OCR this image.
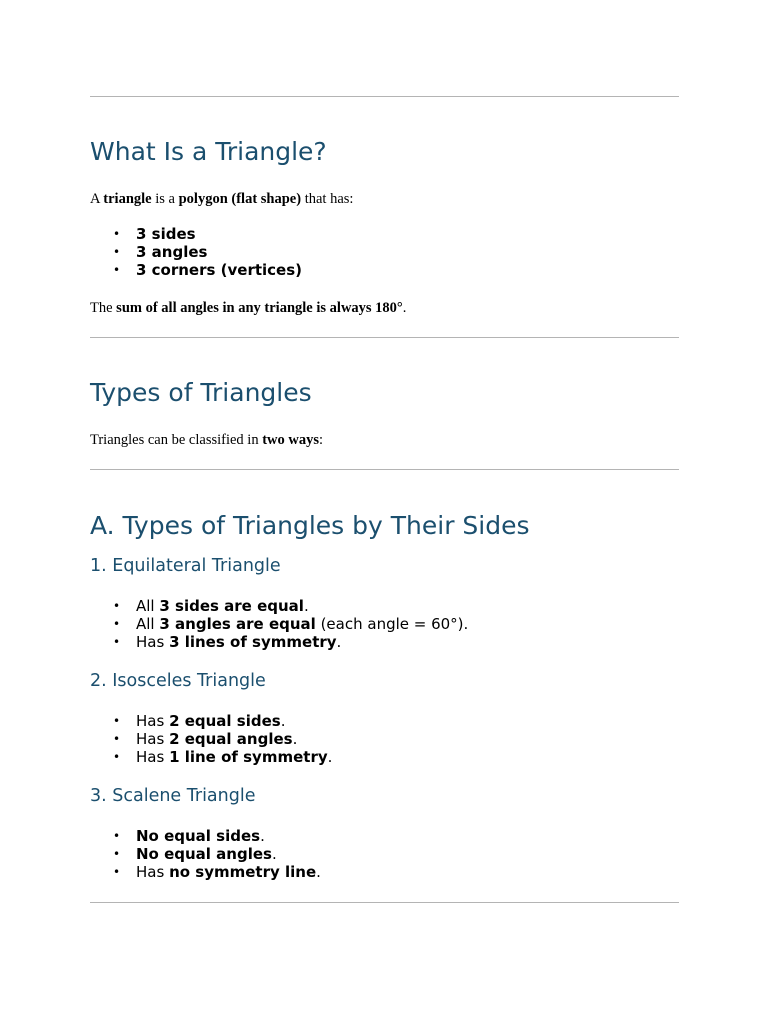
What Is a Triangle?

A triangle is a polygon (flat shape) that has:

• 3 sides
• 3 angles
• 3 corners (vertices)

The sum of all angles in any triangle is always 180°.

Types of Triangles

Triangles can be classified in two ways:

A. Types of Triangles by Their Sides
1. Equilateral Triangle
• All 3 sides are equal.
• All 3 angles are equal (each angle = 60°).
• Has 3 lines of symmetry.
2. Isosceles Triangle
• Has 2 equal sides.
• Has 2 equal angles.
• Has 1 line of symmetry.
3. Scalene Triangle
• No equal sides.
• No equal angles.
• Has no symmetry line.
